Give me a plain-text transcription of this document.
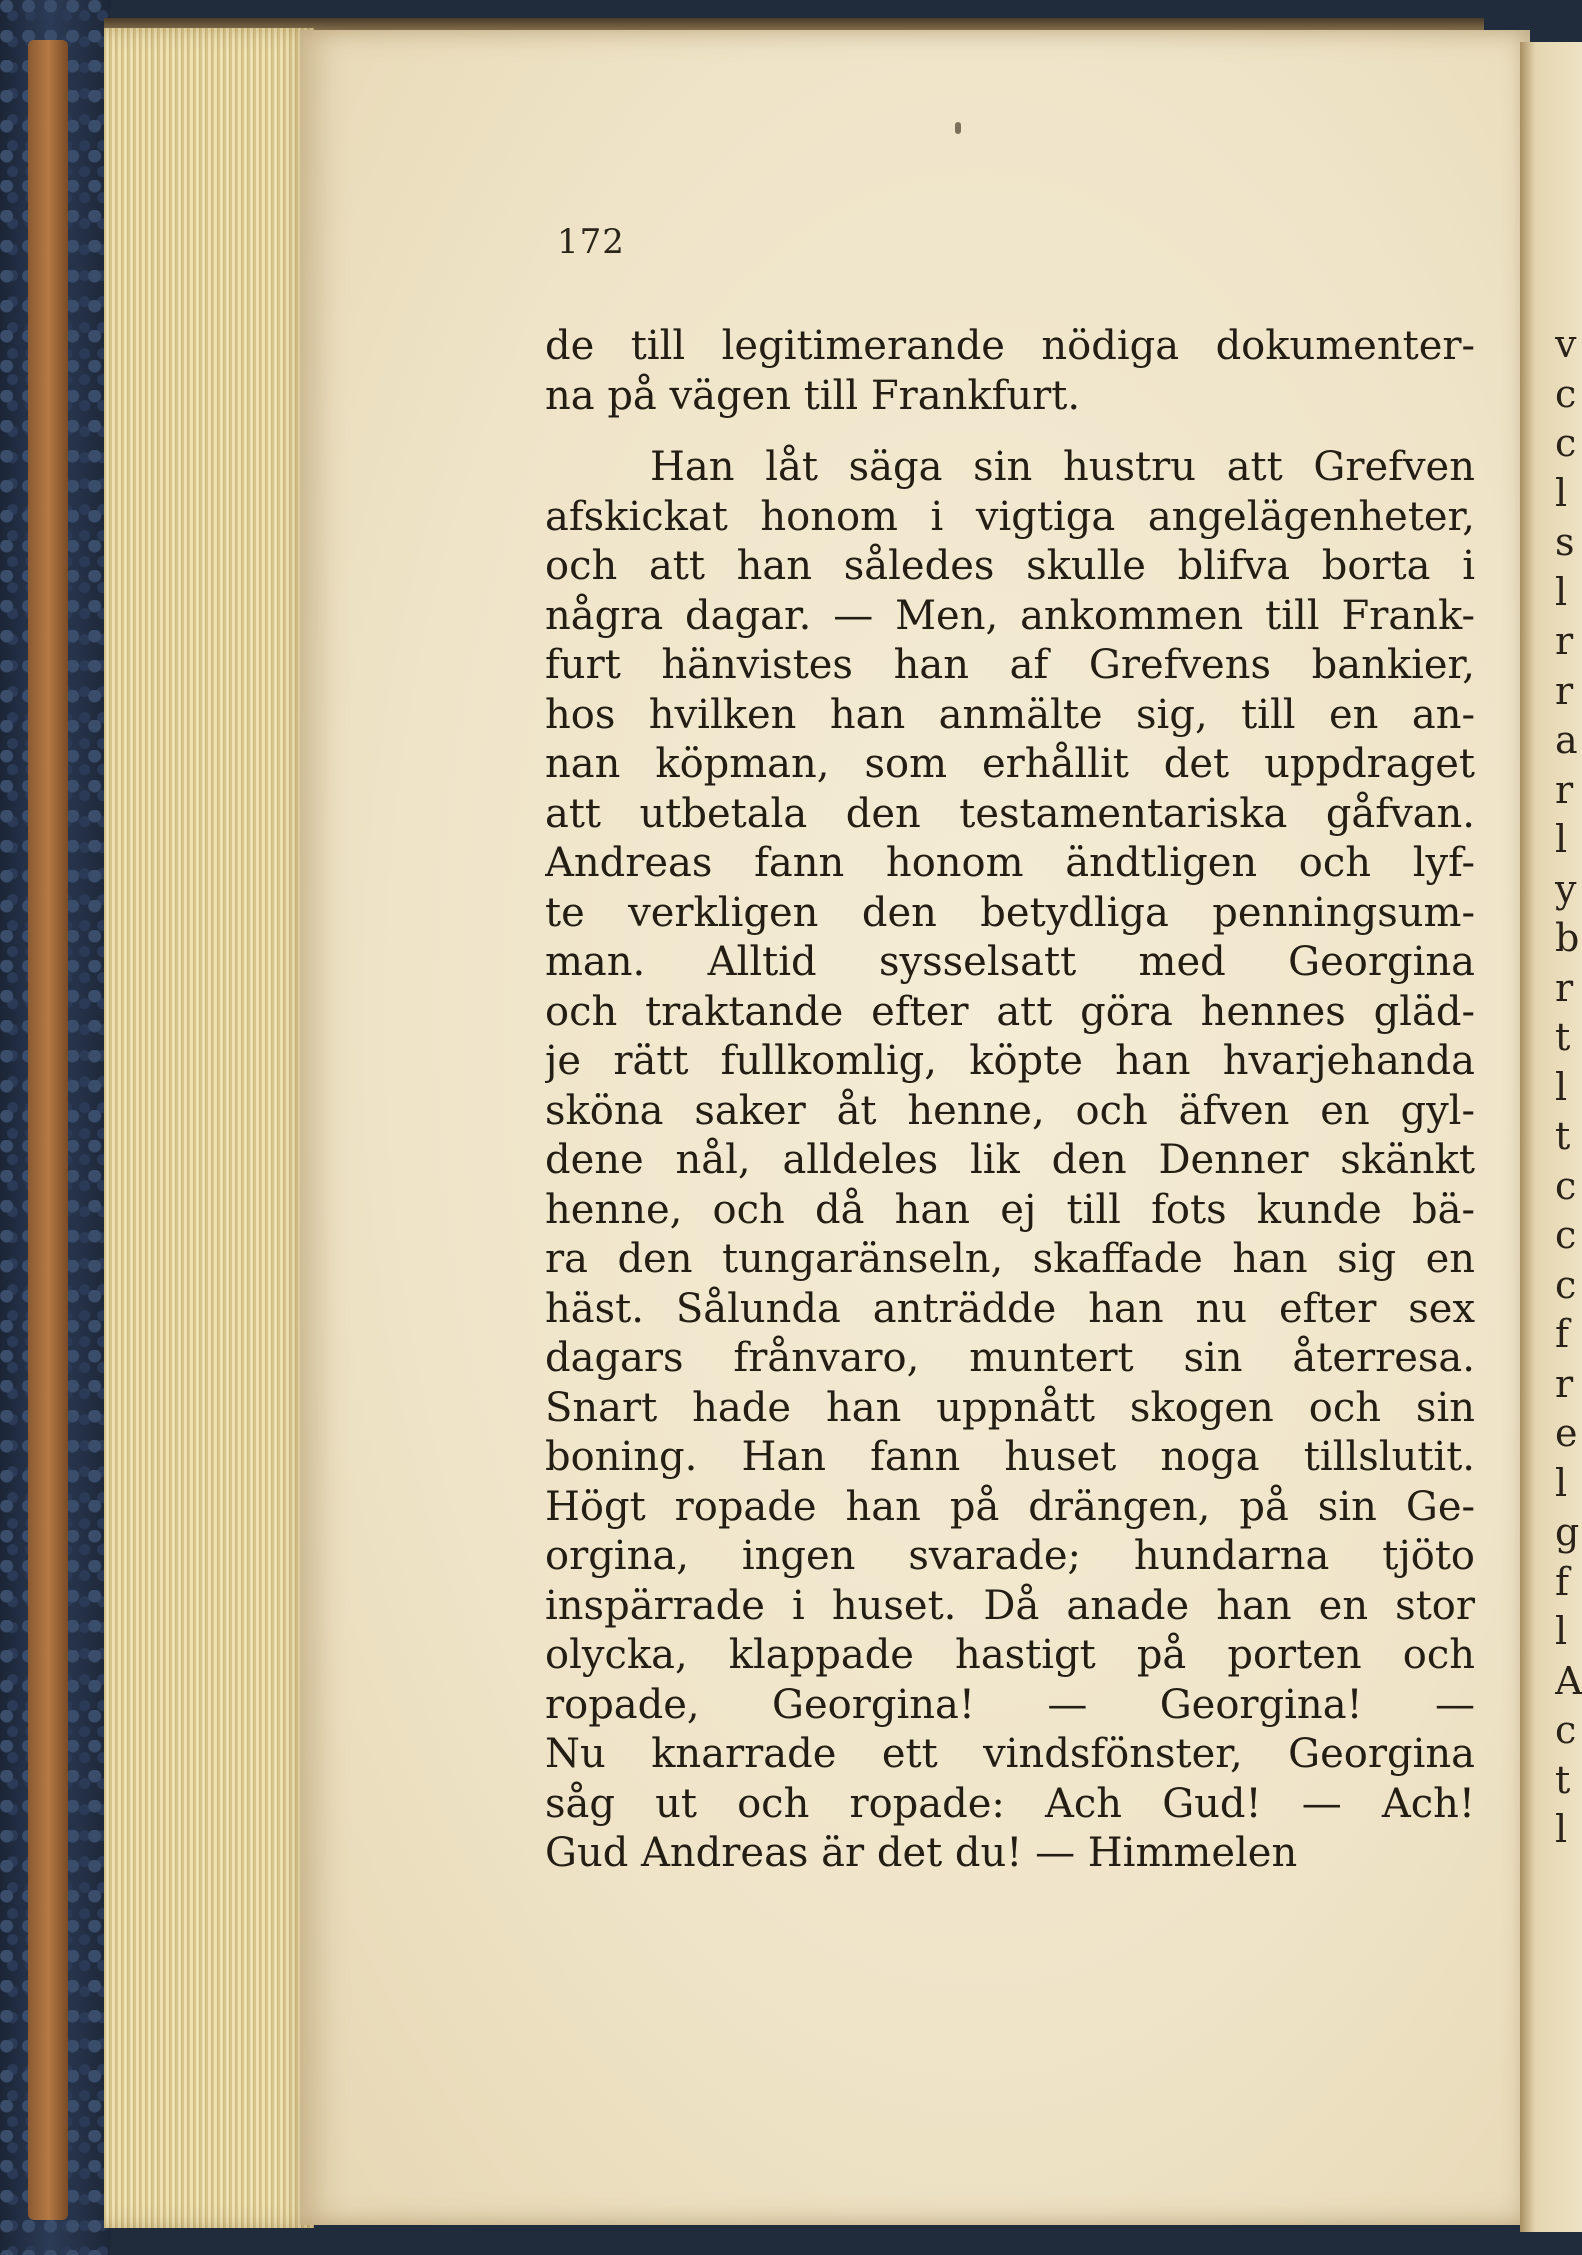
172
de till legitimerande nödiga dokumenter-
na på vägen till Frankfurt.
Han låt säga sin hustru att Grefven
afskickat honom i vigtiga angelägenheter,
och att han således skulle blifva borta i
några dagar. — Men, ankommen till Frank-
furt hänvistes han af Grefvens bankier,
hos hvilken han anmälte sig, till en an-
nan köpman, som erhållit det uppdraget
att utbetala den testamentariska gåfvan.
Andreas fann honom ändtligen och lyf-
te verkligen den betydliga penningsum-
man. Alltid sysselsatt med Georgina
och traktande efter att göra hennes gläd-
je rätt fullkomlig, köpte han hvarjehanda
sköna saker åt henne, och äfven en gyl-
dene nål, alldeles lik den Denner skänkt
henne, och då han ej till fots kunde bä-
ra den tungaränseln, skaffade han sig en
häst. Sålunda anträdde han nu efter sex
dagars frånvaro, muntert sin återresa.
Snart hade han uppnått skogen och sin
boning. Han fann huset noga tillslutit.
Högt ropade han på drängen, på sin Ge-
orgina, ingen svarade; hundarna tjöto
inspärrade i huset. Då anade han en stor
olycka, klappade hastigt på porten och
ropade, Georgina! — Georgina! —
Nu knarrade ett vindsfönster, Georgina
såg ut och ropade: Ach Gud! — Ach!
Gud Andreas är det du! — Himmelen
v
c
c
l
s
l
r
r
a
r
l
y
b
r
t
l
t
c
c
c
f
r
e
l
g
f
l
A
c
t
l
